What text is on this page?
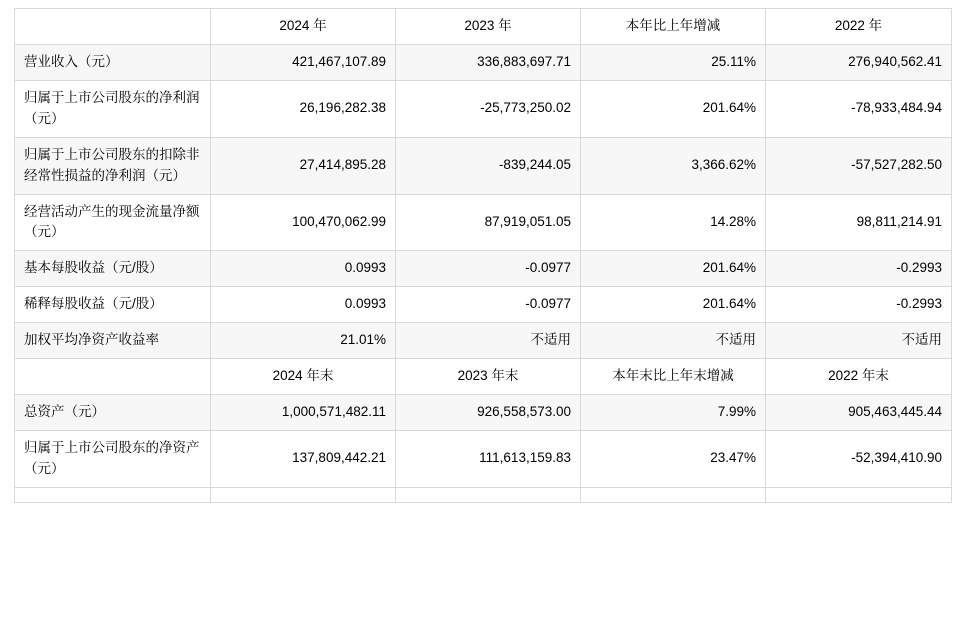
	2024 年	2023 年	本年比上年增减	2022 年
营业收入（元）	421,467,107.89	336,883,697.71	25.11%	276,940,562.41
归属于上市公司股东的净利润（元）	26,196,282.38	-25,773,250.02	201.64%	-78,933,484.94
归属于上市公司股东的扣除非经常性损益的净利润（元）	27,414,895.28	-839,244.05	3,366.62%	-57,527,282.50
经营活动产生的现金流量净额（元）	100,470,062.99	87,919,051.05	14.28%	98,811,214.91
基本每股收益（元/股）	0.0993	-0.0977	201.64%	-0.2993
稀释每股收益（元/股）	0.0993	-0.0977	201.64%	-0.2993
加权平均净资产收益率	21.01%	不适用	不适用	不适用
	2024 年末	2023 年末	本年末比上年末增减	2022 年末
总资产（元）	1,000,571,482.11	926,558,573.00	7.99%	905,463,445.44
归属于上市公司股东的净资产（元）	137,809,442.21	111,613,159.83	23.47%	-52,394,410.90
